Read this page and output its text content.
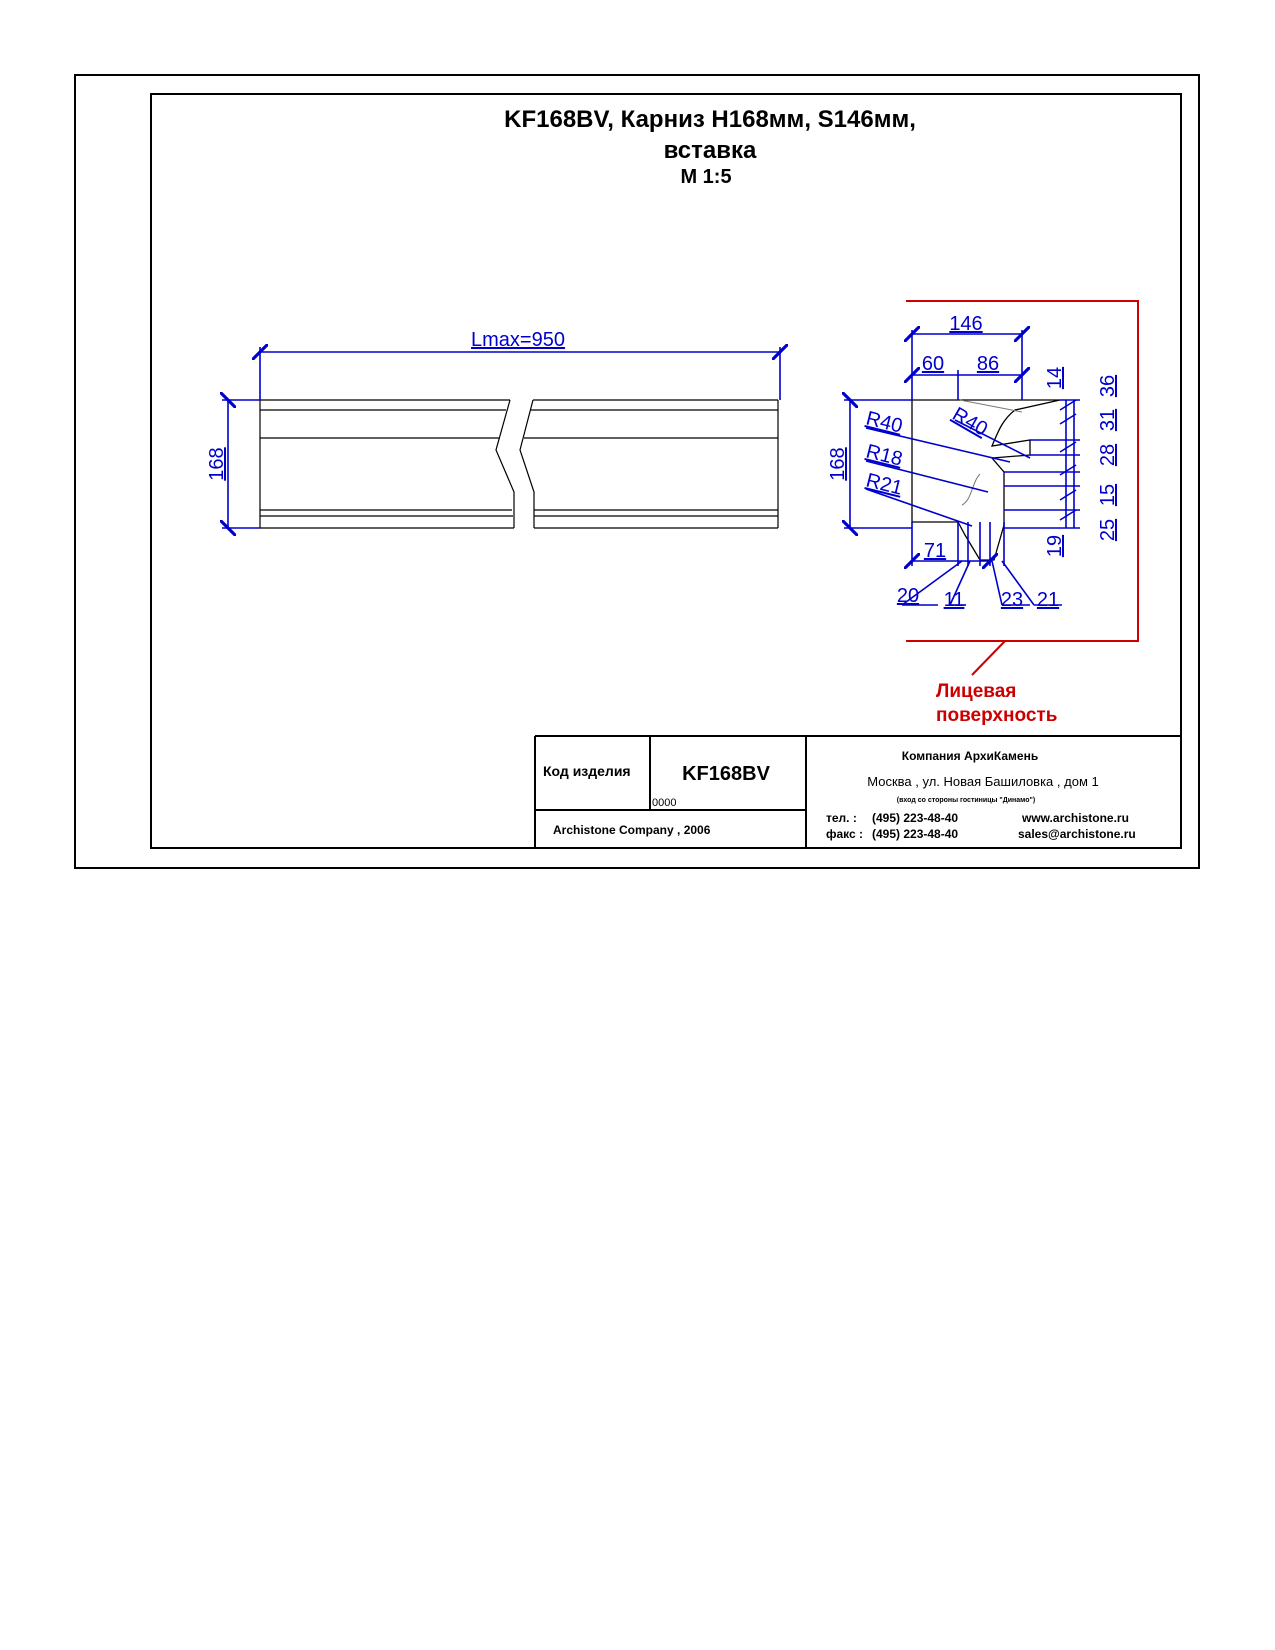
KF168BV, Карниз Н168мм, S146мм,
вставка
М 1:5
Lmax=950
168
146
60 86
R40 R40
R18
R21
168
14 36
31
28
15
25
19
71
20 11 23 21
Лицевая
поверхность
Код изделия	KF168BV
0000
Archistone Company , 2006
Компания АрхиКамень
Москва , ул. Новая Башиловка , дом 1
(вход со стороны гостиницы "Динамо")
тел. : (495) 223-48-40
факс : (495) 223-48-40
www.archistone.ru
sales@archistone.ru
